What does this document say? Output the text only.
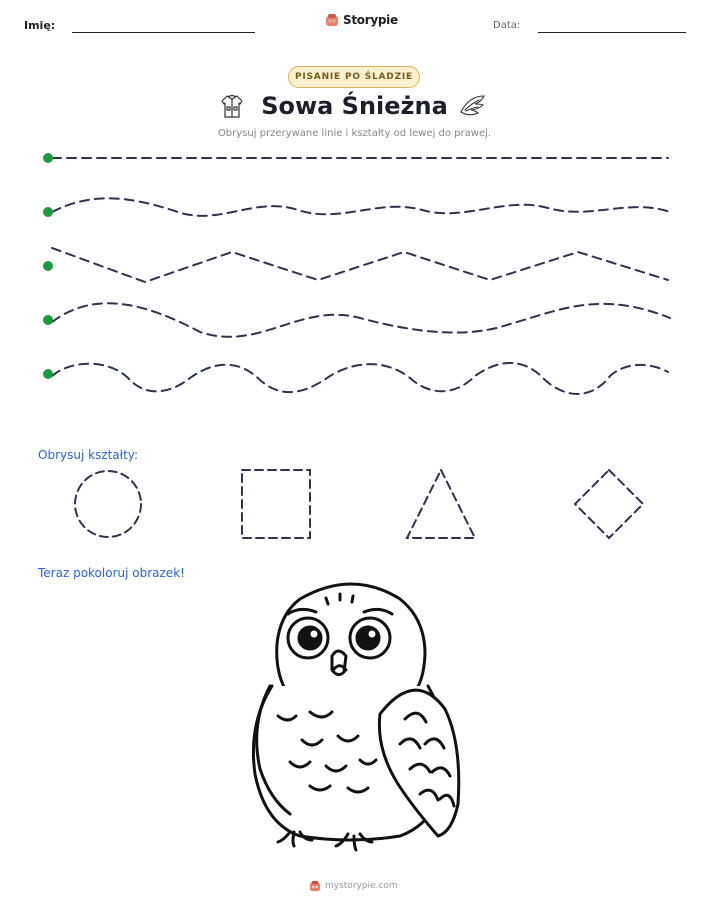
Imię:	Storypie	Data:
PISANIE PO ŚLADZIE
Sowa Śnieżna
Obrysuj przerywane linie i kształty od lewej do prawej.
Obrysuj kształty:
Teraz pokoloruj obrazek!
mystorypie.com
